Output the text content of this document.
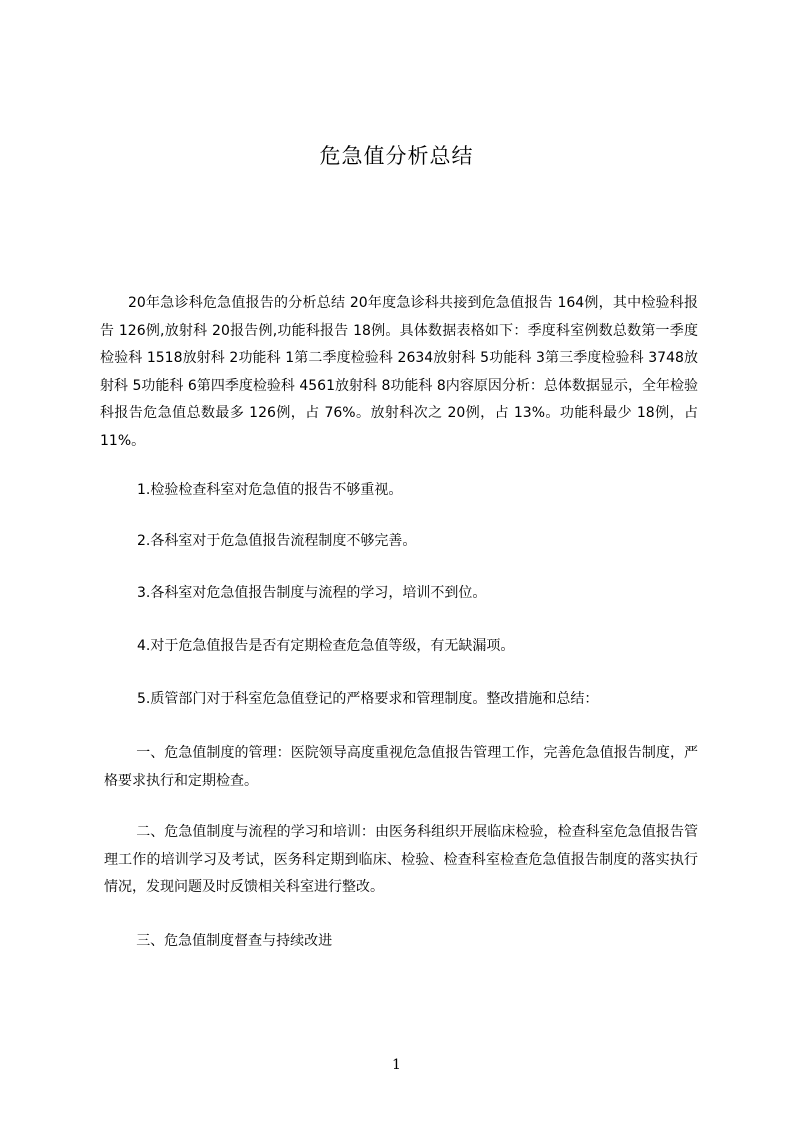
危急值分析总结

20年急诊科危急值报告的分析总结 20年度急诊科共接到危急值报告 164例，其中检验科报告 126例,放射科 20报告例,功能科报告 18例。具体数据表格如下：季度科室例数总数第一季度检验科 1518放射科 2功能科 1第二季度检验科 2634放射科 5功能科 3第三季度检验科 3748放射科 5功能科 6第四季度检验科 4561放射科 8功能科 8内容原因分析：总体数据显示，全年检验科报告危急值总数最多 126例，占 76%。放射科次之 20例，占 13%。功能科最少 18例，占 11%。

1.检验检查科室对危急值的报告不够重视。

2.各科室对于危急值报告流程制度不够完善。

3.各科室对危急值报告制度与流程的学习，培训不到位。

4.对于危急值报告是否有定期检查危急值等级，有无缺漏项。

5.质管部门对于科室危急值登记的严格要求和管理制度。整改措施和总结：

一、危急值制度的管理：医院领导高度重视危急值报告管理工作，完善危急值报告制度，严格要求执行和定期检查。

二、危急值制度与流程的学习和培训：由医务科组织开展临床检验，检查科室危急值报告管理工作的培训学习及考试，医务科定期到临床、检验、检查科室检查危急值报告制度的落实执行情况，发现问题及时反馈相关科室进行整改。

三、危急值制度督查与持续改进

1
